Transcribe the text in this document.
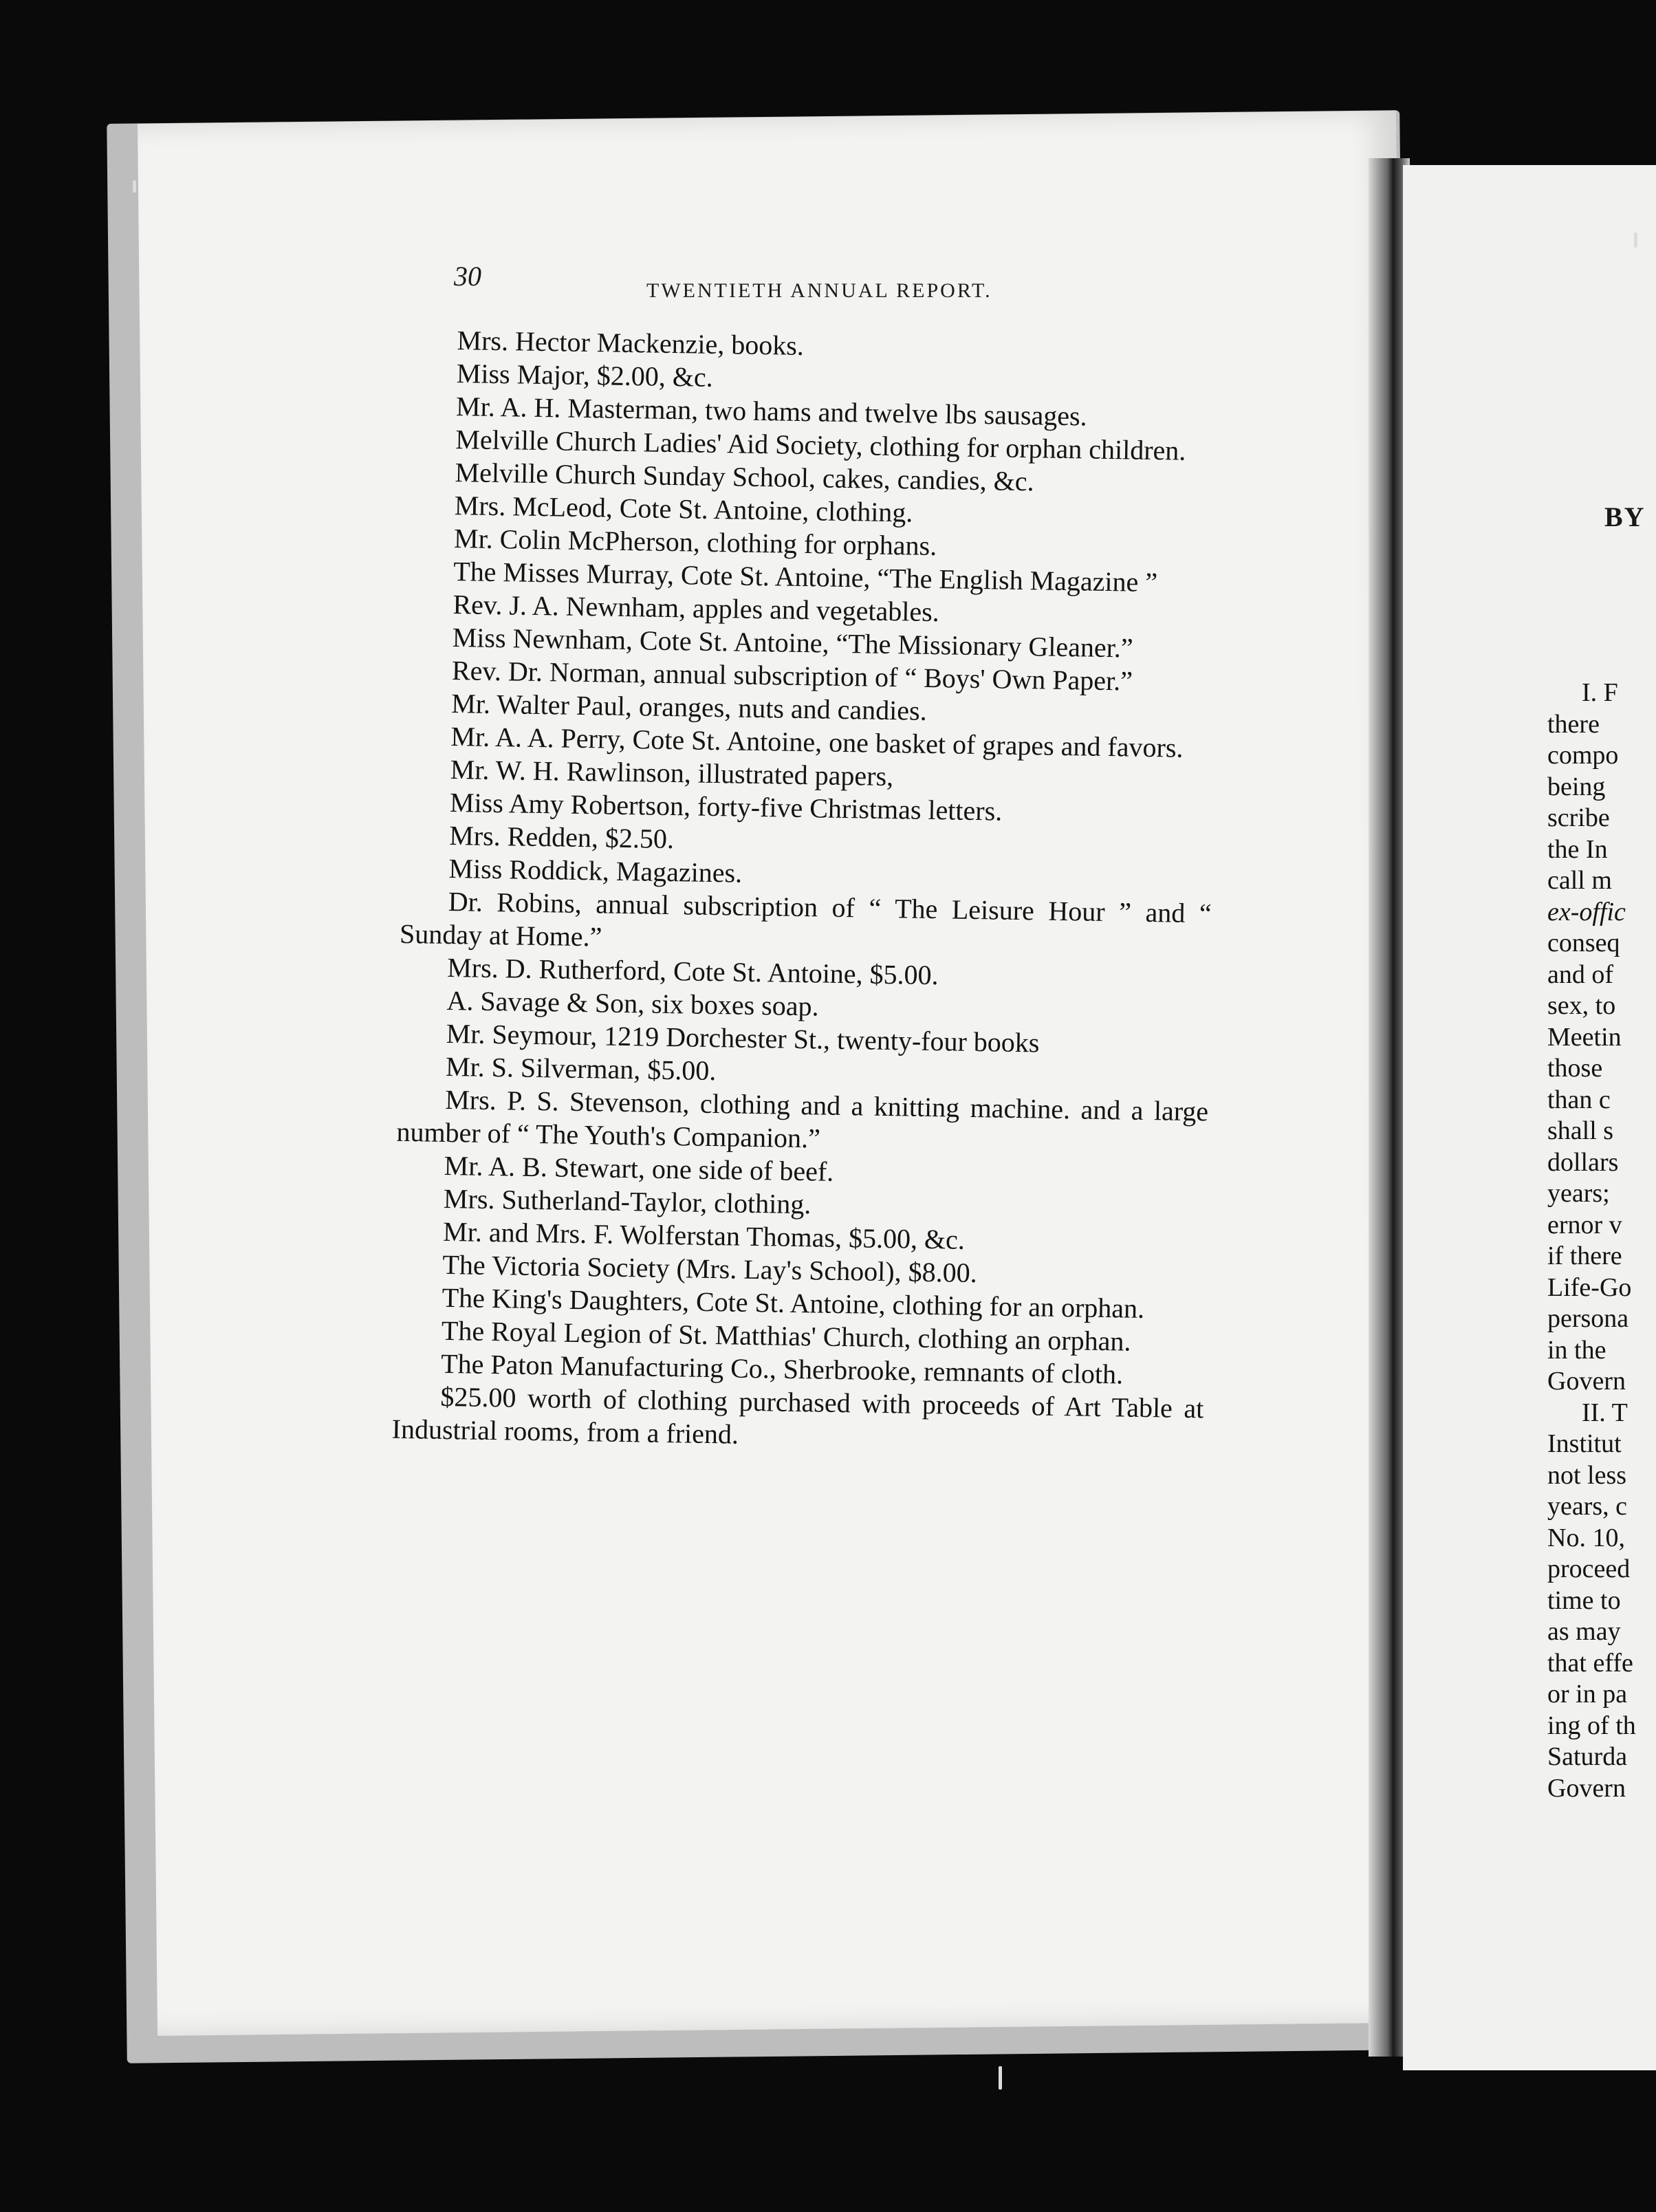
30	TWENTIETH ANNUAL REPORT.

Mrs. Hector Mackenzie, books.

Miss Major, $2.00, &c.

Mr. A. H. Masterman, two hams and twelve lbs sausages.

Melville Church Ladies' Aid Society, clothing for orphan children.

Melville Church Sunday School, cakes, candies, &c.

Mrs. McLeod, Cote St. Antoine, clothing.

Mr. Colin McPherson, clothing for orphans.

The Misses Murray, Cote St. Antoine, “The English Magazine ”

Rev. J. A. Newnham, apples and vegetables.

Miss Newnham, Cote St. Antoine, “The Missionary Gleaner.”

Rev. Dr. Norman, annual subscription of “ Boys' Own Paper.”

Mr. Walter Paul, oranges, nuts and candies.

Mr. A. A. Perry, Cote St. Antoine, one basket of grapes and favors.

Mr. W. H. Rawlinson, illustrated papers,

Miss Amy Robertson, forty-five Christmas letters.

Mrs. Redden, $2.50.

Miss Roddick, Magazines.

Dr. Robins, annual subscription of “ The Leisure Hour ” and “ Sunday at Home.”

Mrs. D. Rutherford, Cote St. Antoine, $5.00.

A. Savage & Son, six boxes soap.

Mr. Seymour, 1219 Dorchester St., twenty-four books

Mr. S. Silverman, $5.00.

Mrs. P. S. Stevenson, clothing and a knitting machine. and a large number of “ The Youth's Companion.”

Mr. A. B. Stewart, one side of beef.

Mrs. Sutherland-Taylor, clothing.

Mr. and Mrs. F. Wolferstan Thomas, $5.00, &c.

The Victoria Society (Mrs. Lay's School), $8.00.

The King's Daughters, Cote St. Antoine, clothing for an orphan.

The Royal Legion of St. Matthias' Church, clothing an orphan.

The Paton Manufacturing Co., Sherbrooke, remnants of cloth.

$25.00 worth of clothing purchased with proceeds of Art Table at Industrial rooms, from a friend.

BY
I. F
there
compo
being
scribe
the In
call m
ex-offic
conseq
and of
sex, to
Meetin
those
than c
shall s
dollars
years;
ernor v
if there
Life-Go
persona
in the
Govern
II. T
Institut
not less
years, c
No. 10,
proceed
time to
as may
that effe
or in pa
ing of th
Saturda
Govern
